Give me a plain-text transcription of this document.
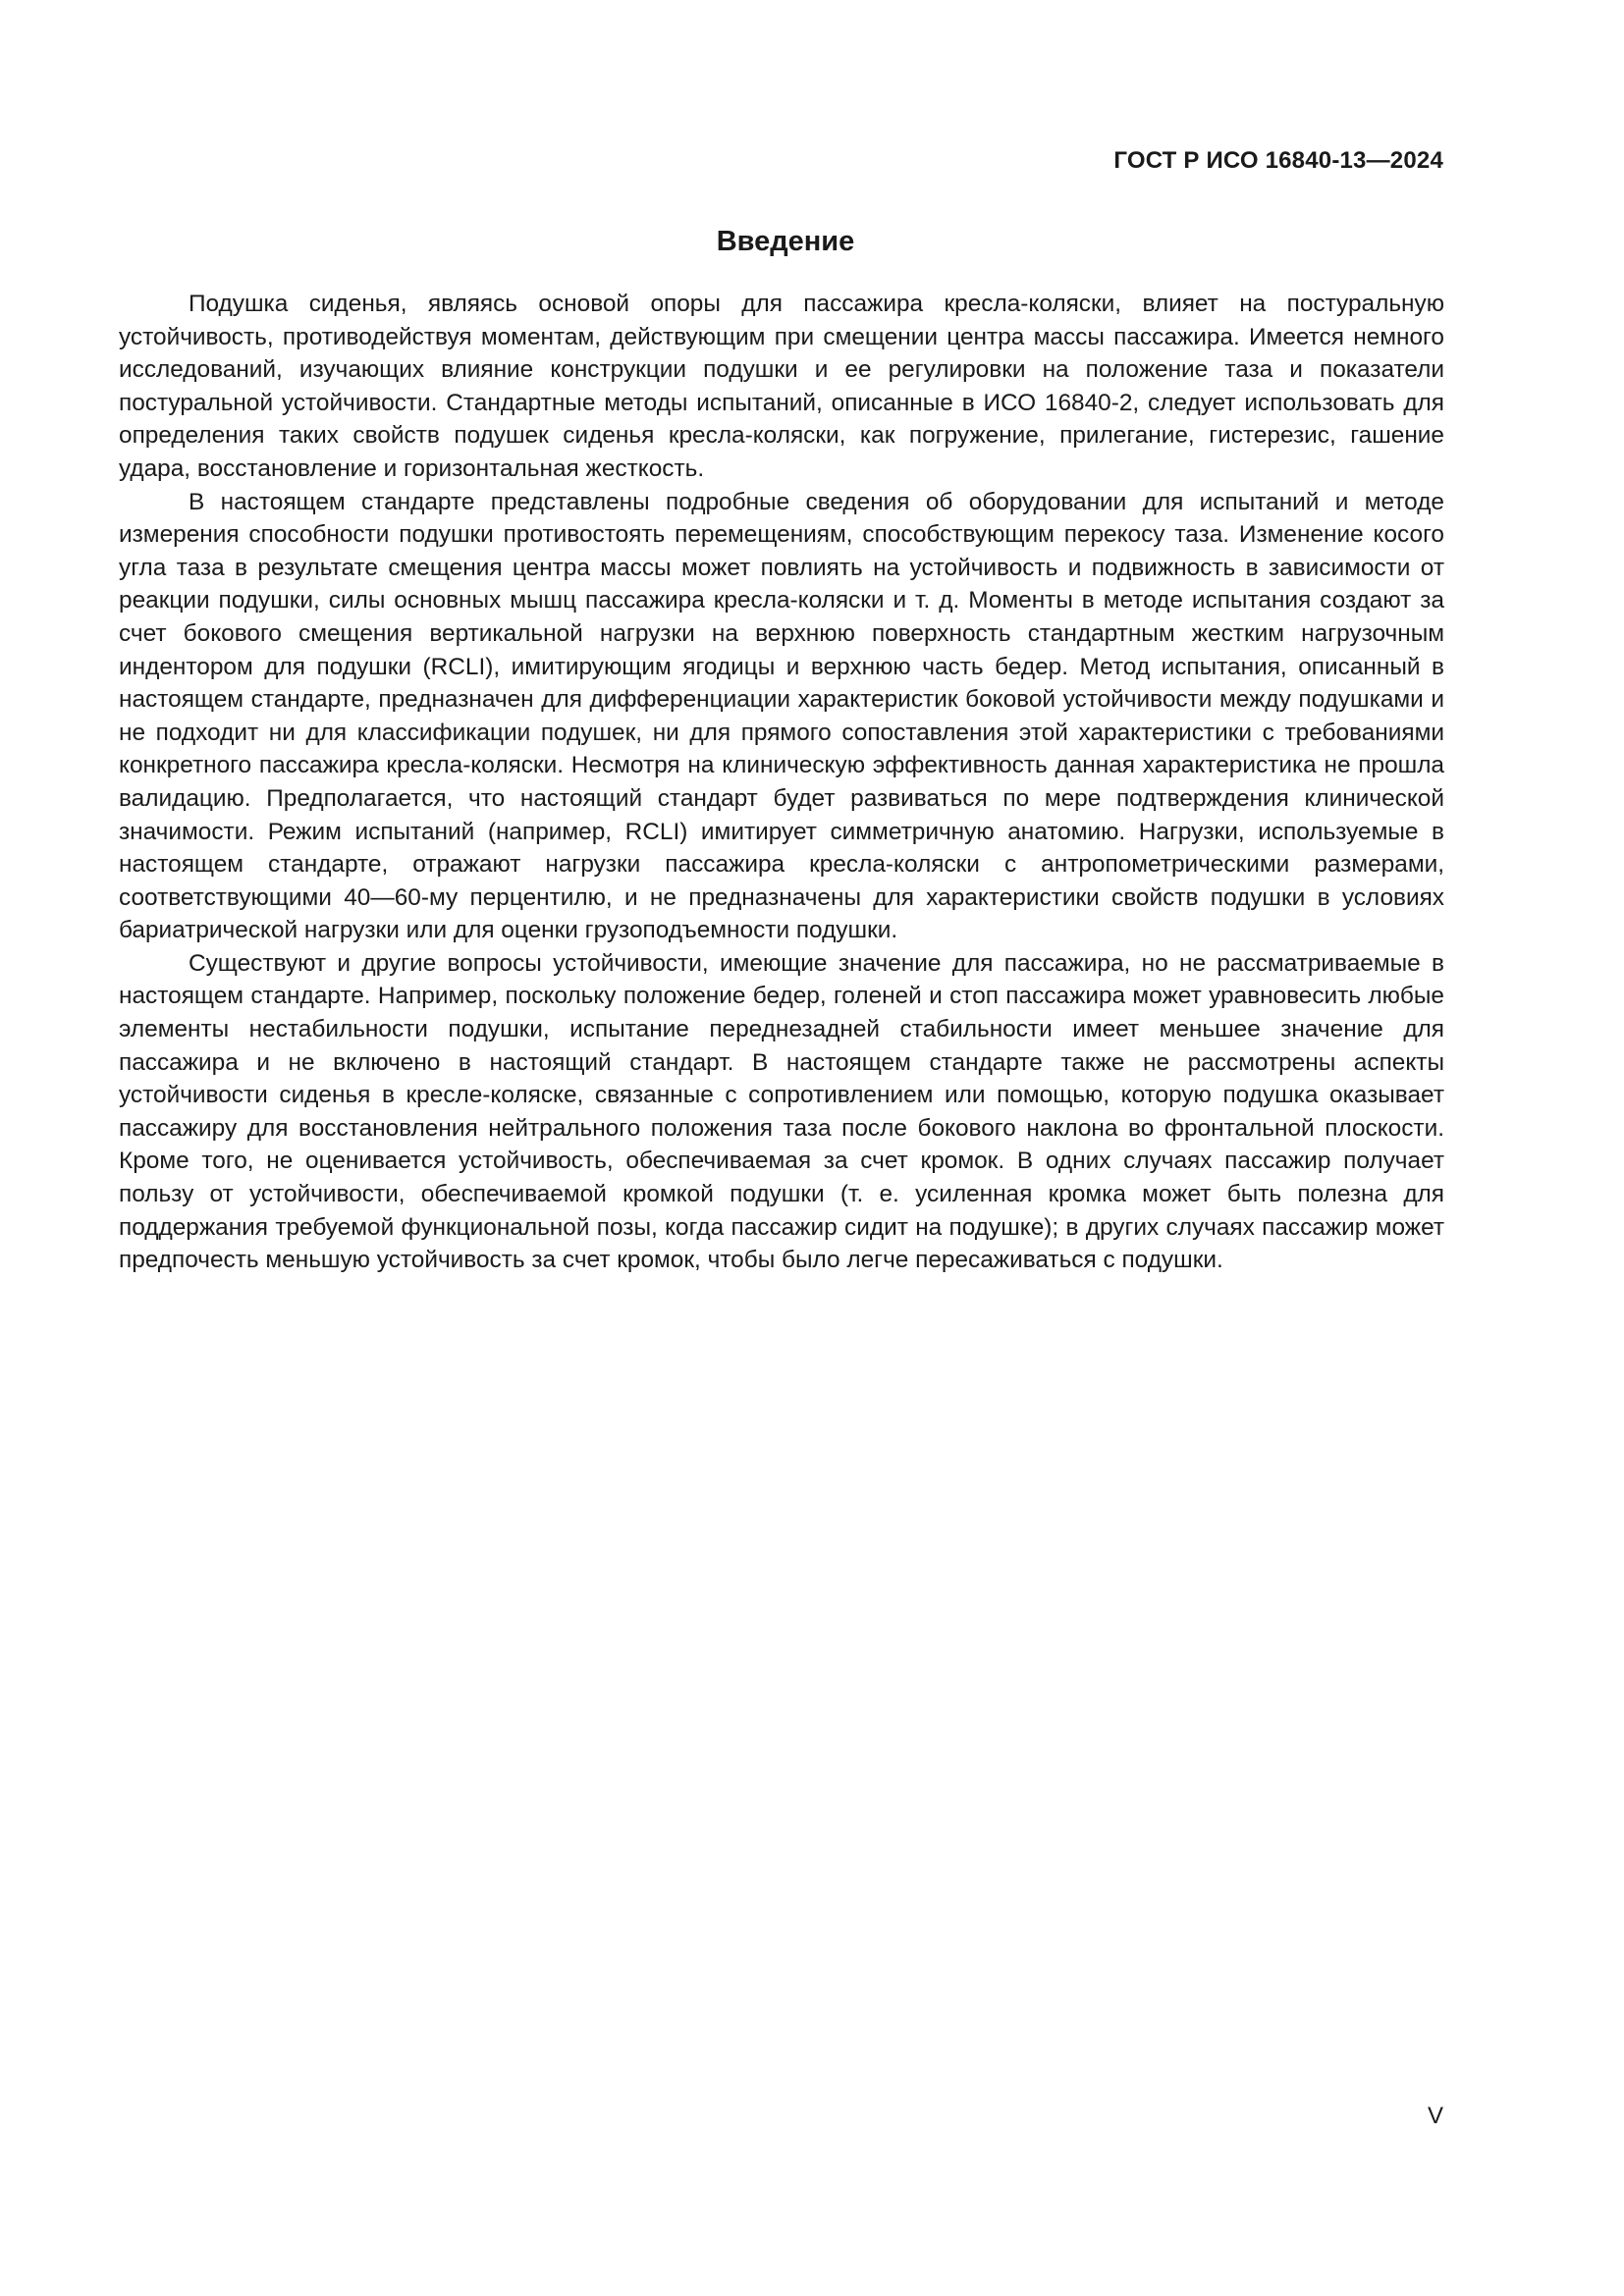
ГОСТ Р ИСО 16840-13—2024
Введение

Подушка сиденья, являясь основой опоры для пассажира кресла-коляски, влияет на постуральную устойчивость, противодействуя моментам, действующим при смещении центра массы пассажира. Имеется немного исследований, изучающих влияние конструкции подушки и ее регулировки на положение таза и показатели постуральной устойчивости. Стандартные методы испытаний, описанные в ИСО 16840-2, следует использовать для определения таких свойств подушек сиденья кресла-коляски, как погружение, прилегание, гистерезис, гашение удара, восстановление и горизонтальная жесткость.

В настоящем стандарте представлены подробные сведения об оборудовании для испытаний и методе измерения способности подушки противостоять перемещениям, способствующим перекосу таза. Изменение косого угла таза в результате смещения центра массы может повлиять на устойчивость и подвижность в зависимости от реакции подушки, силы основных мышц пассажира кресла-коляски и т. д. Моменты в методе испытания создают за счет бокового смещения вертикальной нагрузки на верхнюю поверхность стандартным жестким нагрузочным индентором для подушки (RCLI), имитирующим ягодицы и верхнюю часть бедер. Метод испытания, описанный в настоящем стандарте, предназначен для дифференциации характеристик боковой устойчивости между подушками и не подходит ни для классификации подушек, ни для прямого сопоставления этой характеристики с требованиями конкретного пассажира кресла-коляски. Несмотря на клиническую эффективность данная характеристика не прошла валидацию. Предполагается, что настоящий стандарт будет развиваться по мере подтверждения клинической значимости. Режим испытаний (например, RCLI) имитирует симметричную анатомию. Нагрузки, используемые в настоящем стандарте, отражают нагрузки пассажира кресла-коляски с антропометрическими размерами, соответствующими 40—60-му перцентилю, и не предназначены для характеристики свойств подушки в условиях бариатрической нагрузки или для оценки грузоподъемности подушки.

Существуют и другие вопросы устойчивости, имеющие значение для пассажира, но не рассматриваемые в настоящем стандарте. Например, поскольку положение бедер, голеней и стоп пассажира может уравновесить любые элементы нестабильности подушки, испытание переднезадней стабильности имеет меньшее значение для пассажира и не включено в настоящий стандарт. В настоящем стандарте также не рассмотрены аспекты устойчивости сиденья в кресле-коляске, связанные с сопротивлением или помощью, которую подушка оказывает пассажиру для восстановления нейтрального положения таза после бокового наклона во фронтальной плоскости. Кроме того, не оценивается устойчивость, обеспечиваемая за счет кромок. В одних случаях пассажир получает пользу от устойчивости, обеспечиваемой кромкой подушки (т. е. усиленная кромка может быть полезна для поддержания требуемой функциональной позы, когда пассажир сидит на подушке); в других случаях пассажир может предпочесть меньшую устойчивость за счет кромок, чтобы было легче пересаживаться с подушки.

V
